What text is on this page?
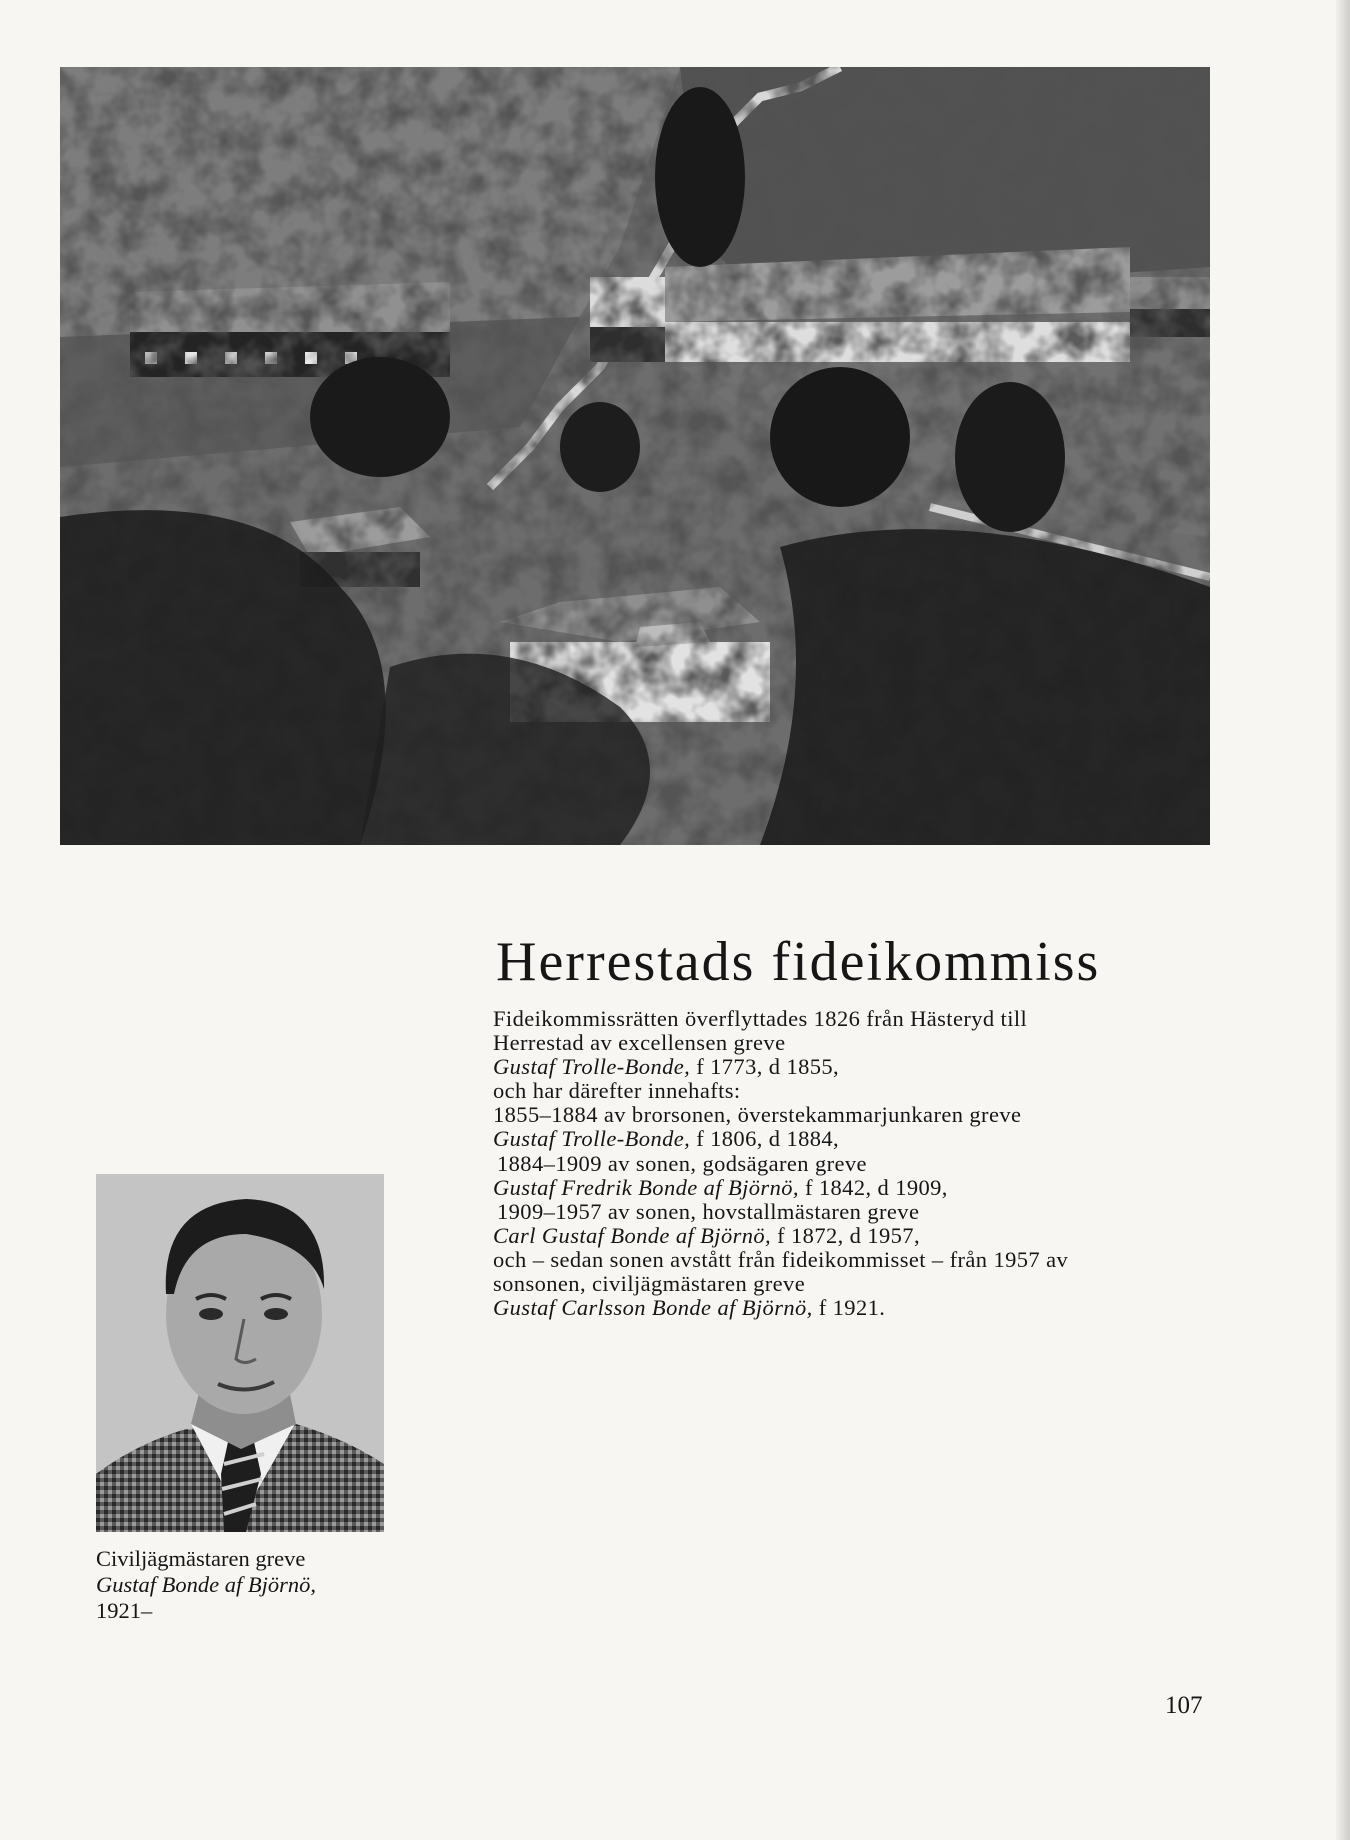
Herrestads fideikommiss
Fideikommissrätten överflyttades 1826 från Hästeryd till
Herrestad av excellensen greve
Gustaf Trolle-Bonde, f 1773, d 1855,
och har därefter innehafts:
1855–1884 av brorsonen, överstekammarjunkaren greve
Gustaf Trolle-Bonde, f 1806, d 1884,
1884–1909 av sonen, godsägaren greve
Gustaf Fredrik Bonde af Björnö, f 1842, d 1909,
1909–1957 av sonen, hovstallmästaren greve
Carl Gustaf Bonde af Björnö, f 1872, d 1957,
och – sedan sonen avstått från fideikommisset – från 1957 av
sonsonen, civiljägmästaren greve
Gustaf Carlsson Bonde af Björnö, f 1921.
Civiljägmästaren greve
Gustaf Bonde af Björnö,
1921–
107
